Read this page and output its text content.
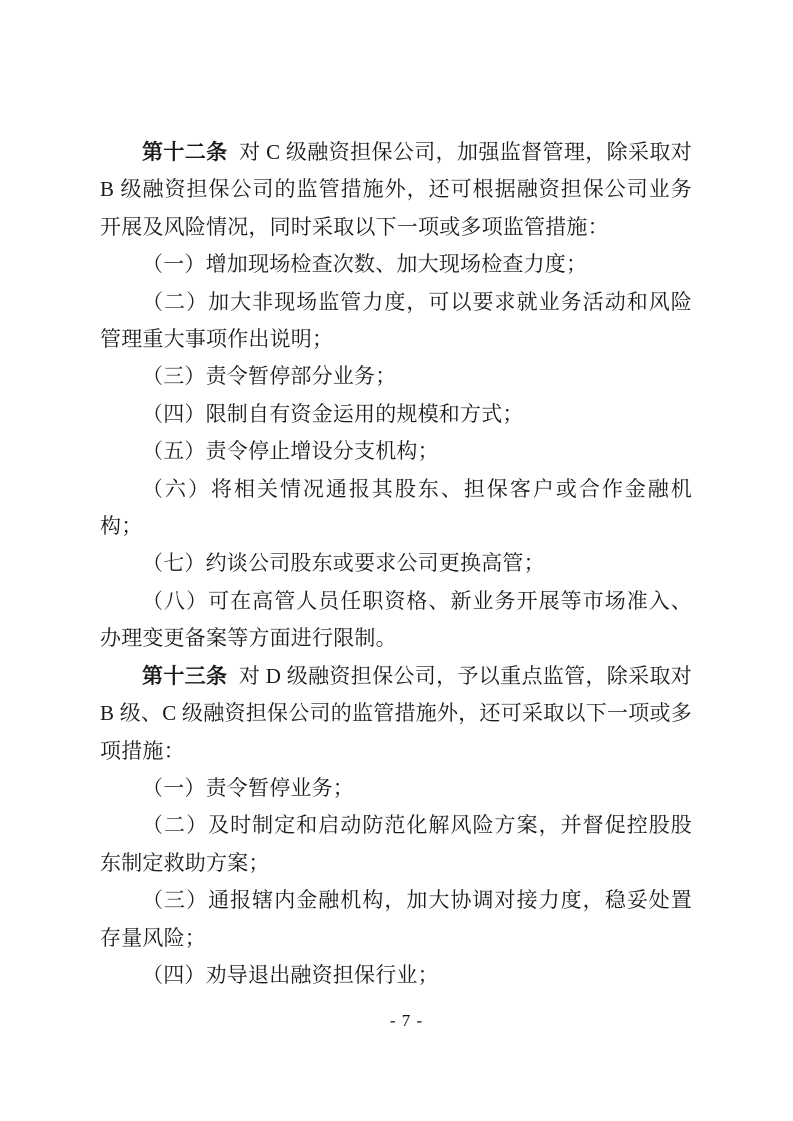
第十二条 对 C 级融资担保公司，加强监督管理，除采取对 B 级融资担保公司的监管措施外，还可根据融资担保公司业务开展及风险情况，同时采取以下一项或多项监管措施：

（一）增加现场检查次数、加大现场检查力度；

（二）加大非现场监管力度，可以要求就业务活动和风险管理重大事项作出说明；

（三）责令暂停部分业务；

（四）限制自有资金运用的规模和方式；

（五）责令停止增设分支机构；

（六）将相关情况通报其股东、担保客户或合作金融机构；

（七）约谈公司股东或要求公司更换高管；

（八）可在高管人员任职资格、新业务开展等市场准入、办理变更备案等方面进行限制。

第十三条 对 D 级融资担保公司，予以重点监管，除采取对 B 级、C 级融资担保公司的监管措施外，还可采取以下一项或多项措施：

（一）责令暂停业务；

（二）及时制定和启动防范化解风险方案，并督促控股股东制定救助方案；

（三）通报辖内金融机构，加大协调对接力度，稳妥处置存量风险；

（四）劝导退出融资担保行业；

- 7 -
